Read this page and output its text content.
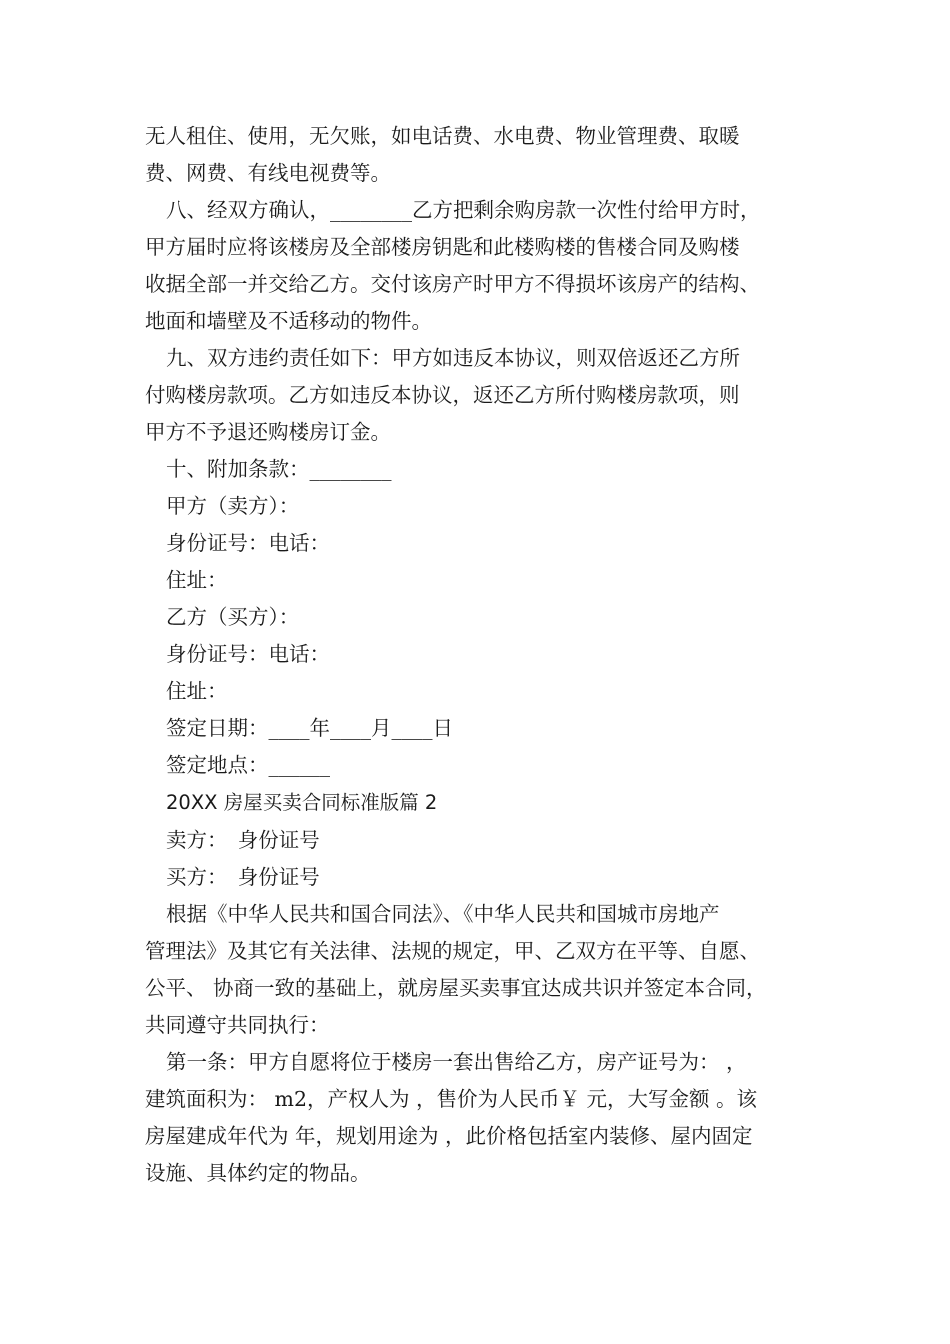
无人租住、使用，无欠账，如电话费、水电费、物业管理费、取暖
费、网费、有线电视费等。
八、经双方确认，________乙方把剩余购房款一次性付给甲方时，
甲方届时应将该楼房及全部楼房钥匙和此楼购楼的售楼合同及购楼
收据全部一并交给乙方。交付该房产时甲方不得损坏该房产的结构、
地面和墙壁及不适移动的物件。
九、双方违约责任如下：甲方如违反本协议，则双倍返还乙方所
付购楼房款项。乙方如违反本协议，返还乙方所付购楼房款项，则
甲方不予退还购楼房订金。
十、附加条款：________
甲方（卖方）：
身份证号：电话：
住址：
乙方（买方）：
身份证号：电话：
住址：
签定日期：____年____月____日
签定地点：______
20XX 房屋买卖合同标准版篇 2
卖方：　身份证号
买方：　身份证号
根据《中华人民共和国合同法》、《中华人民共和国城市房地产
管理法》及其它有关法律、法规的规定，甲、乙双方在平等、自愿、
公平、 协商一致的基础上，就房屋买卖事宜达成共识并签定本合同，
共同遵守共同执行：
第一条：甲方自愿将位于楼房一套出售给乙方，房产证号为： ，
建筑面积为： m2，产权人为 ，售价为人民币￥ 元，大写金额 。该
房屋建成年代为 年，规划用途为 ，此价格包括室内装修、屋内固定
设施、具体约定的物品。
